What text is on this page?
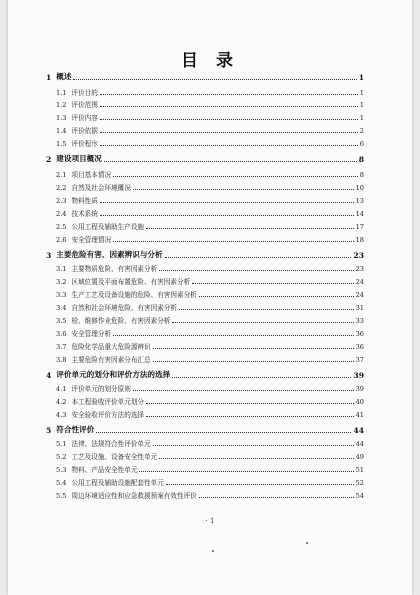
目 录
1 概述	1
1.1 评价目的	1
1.2 评价范围	1
1.3 评价内容	1
1.4 评价依据	2
1.5 评价程序	6
2 建设项目概况	8
2.1 项目基本情况	8
2.2 自然及社会环境概况	10
2.3 物料性质	13
2.4 技术系统	14
2.5 公用工程及辅助生产设施	17
2.6 安全管理情况	18
3 主要危险有害、因素辨识与分析	23
3.1 主要物质危险、有害因素分析	23
3.2 区域位置及平面布置危险、有害因素分析	24
3.3 生产工艺及设备设施的危险、有害因素分析	24
3.4 自然和社会环境危险、有害因素分析	31
3.5 检、维修作业危险、有害因素分析	33
3.6 安全管理分析	36
3.7 危险化学品重大危险源辨识	36
3.8 主要危险有害因素分布汇总	37
4 评价单元的划分和评价方法的选择	39
4.1 评价单元的划分原则	39
4.2 本工程验收评价单元划分	40
4.3 安全验收评价方法的选择	41
5 符合性评价	44
5.1 法律、法规符合性评价单元	44
5.2 工艺及设施、设备安全性单元	49
5.3 物料、产品安全性单元	51
5.4 公用工程及辅助设施配套性单元	52
5.5 周边环境适应性和应急救援预案有效性评价	54
· 1
